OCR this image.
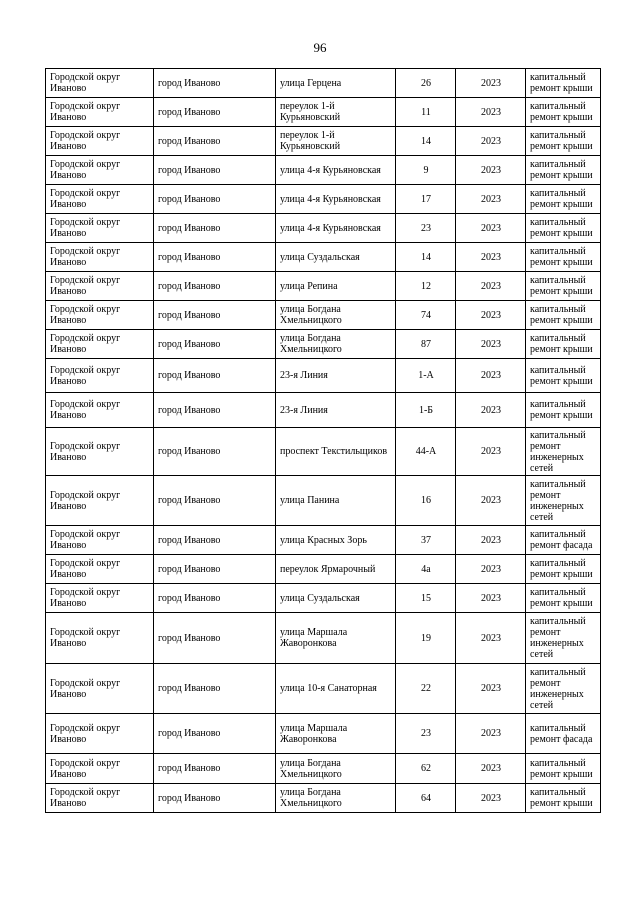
96
Городской округ Иваново	город Иваново	улица Герцена	26	2023	капитальный ремонт крыши
Городской округ Иваново	город Иваново	переулок 1-й Курьяновский	11	2023	капитальный ремонт крыши
Городской округ Иваново	город Иваново	переулок 1-й Курьяновский	14	2023	капитальный ремонт крыши
Городской округ Иваново	город Иваново	улица 4-я Курьяновская	9	2023	капитальный ремонт крыши
Городской округ Иваново	город Иваново	улица 4-я Курьяновская	17	2023	капитальный ремонт крыши
Городской округ Иваново	город Иваново	улица 4-я Курьяновская	23	2023	капитальный ремонт крыши
Городской округ Иваново	город Иваново	улица Суздальская	14	2023	капитальный ремонт крыши
Городской округ Иваново	город Иваново	улица Репина	12	2023	капитальный ремонт крыши
Городской округ Иваново	город Иваново	улица Богдана Хмельницкого	74	2023	капитальный ремонт крыши
Городской округ Иваново	город Иваново	улица Богдана Хмельницкого	87	2023	капитальный ремонт крыши
Городской округ Иваново	город Иваново	23-я Линия	1-А	2023	капитальный ремонт крыши
Городской округ Иваново	город Иваново	23-я Линия	1-Б	2023	капитальный ремонт крыши
Городской округ Иваново	город Иваново	проспект Текстильщиков	44-А	2023	капитальный ремонт инженерных сетей
Городской округ Иваново	город Иваново	улица Панина	16	2023	капитальный ремонт инженерных сетей
Городской округ Иваново	город Иваново	улица Красных Зорь	37	2023	капитальный ремонт фасада
Городской округ Иваново	город Иваново	переулок Ярмарочный	4а	2023	капитальный ремонт крыши
Городской округ Иваново	город Иваново	улица Суздальская	15	2023	капитальный ремонт крыши
Городской округ Иваново	город Иваново	улица Маршала Жаворонкова	19	2023	капитальный ремонт инженерных сетей
Городской округ Иваново	город Иваново	улица 10-я Санаторная	22	2023	капитальный ремонт инженерных сетей
Городской округ Иваново	город Иваново	улица Маршала Жаворонкова	23	2023	капитальный ремонт фасада
Городской округ Иваново	город Иваново	улица Богдана Хмельницкого	62	2023	капитальный ремонт крыши
Городской округ Иваново	город Иваново	улица Богдана Хмельницкого	64	2023	капитальный ремонт крыши
